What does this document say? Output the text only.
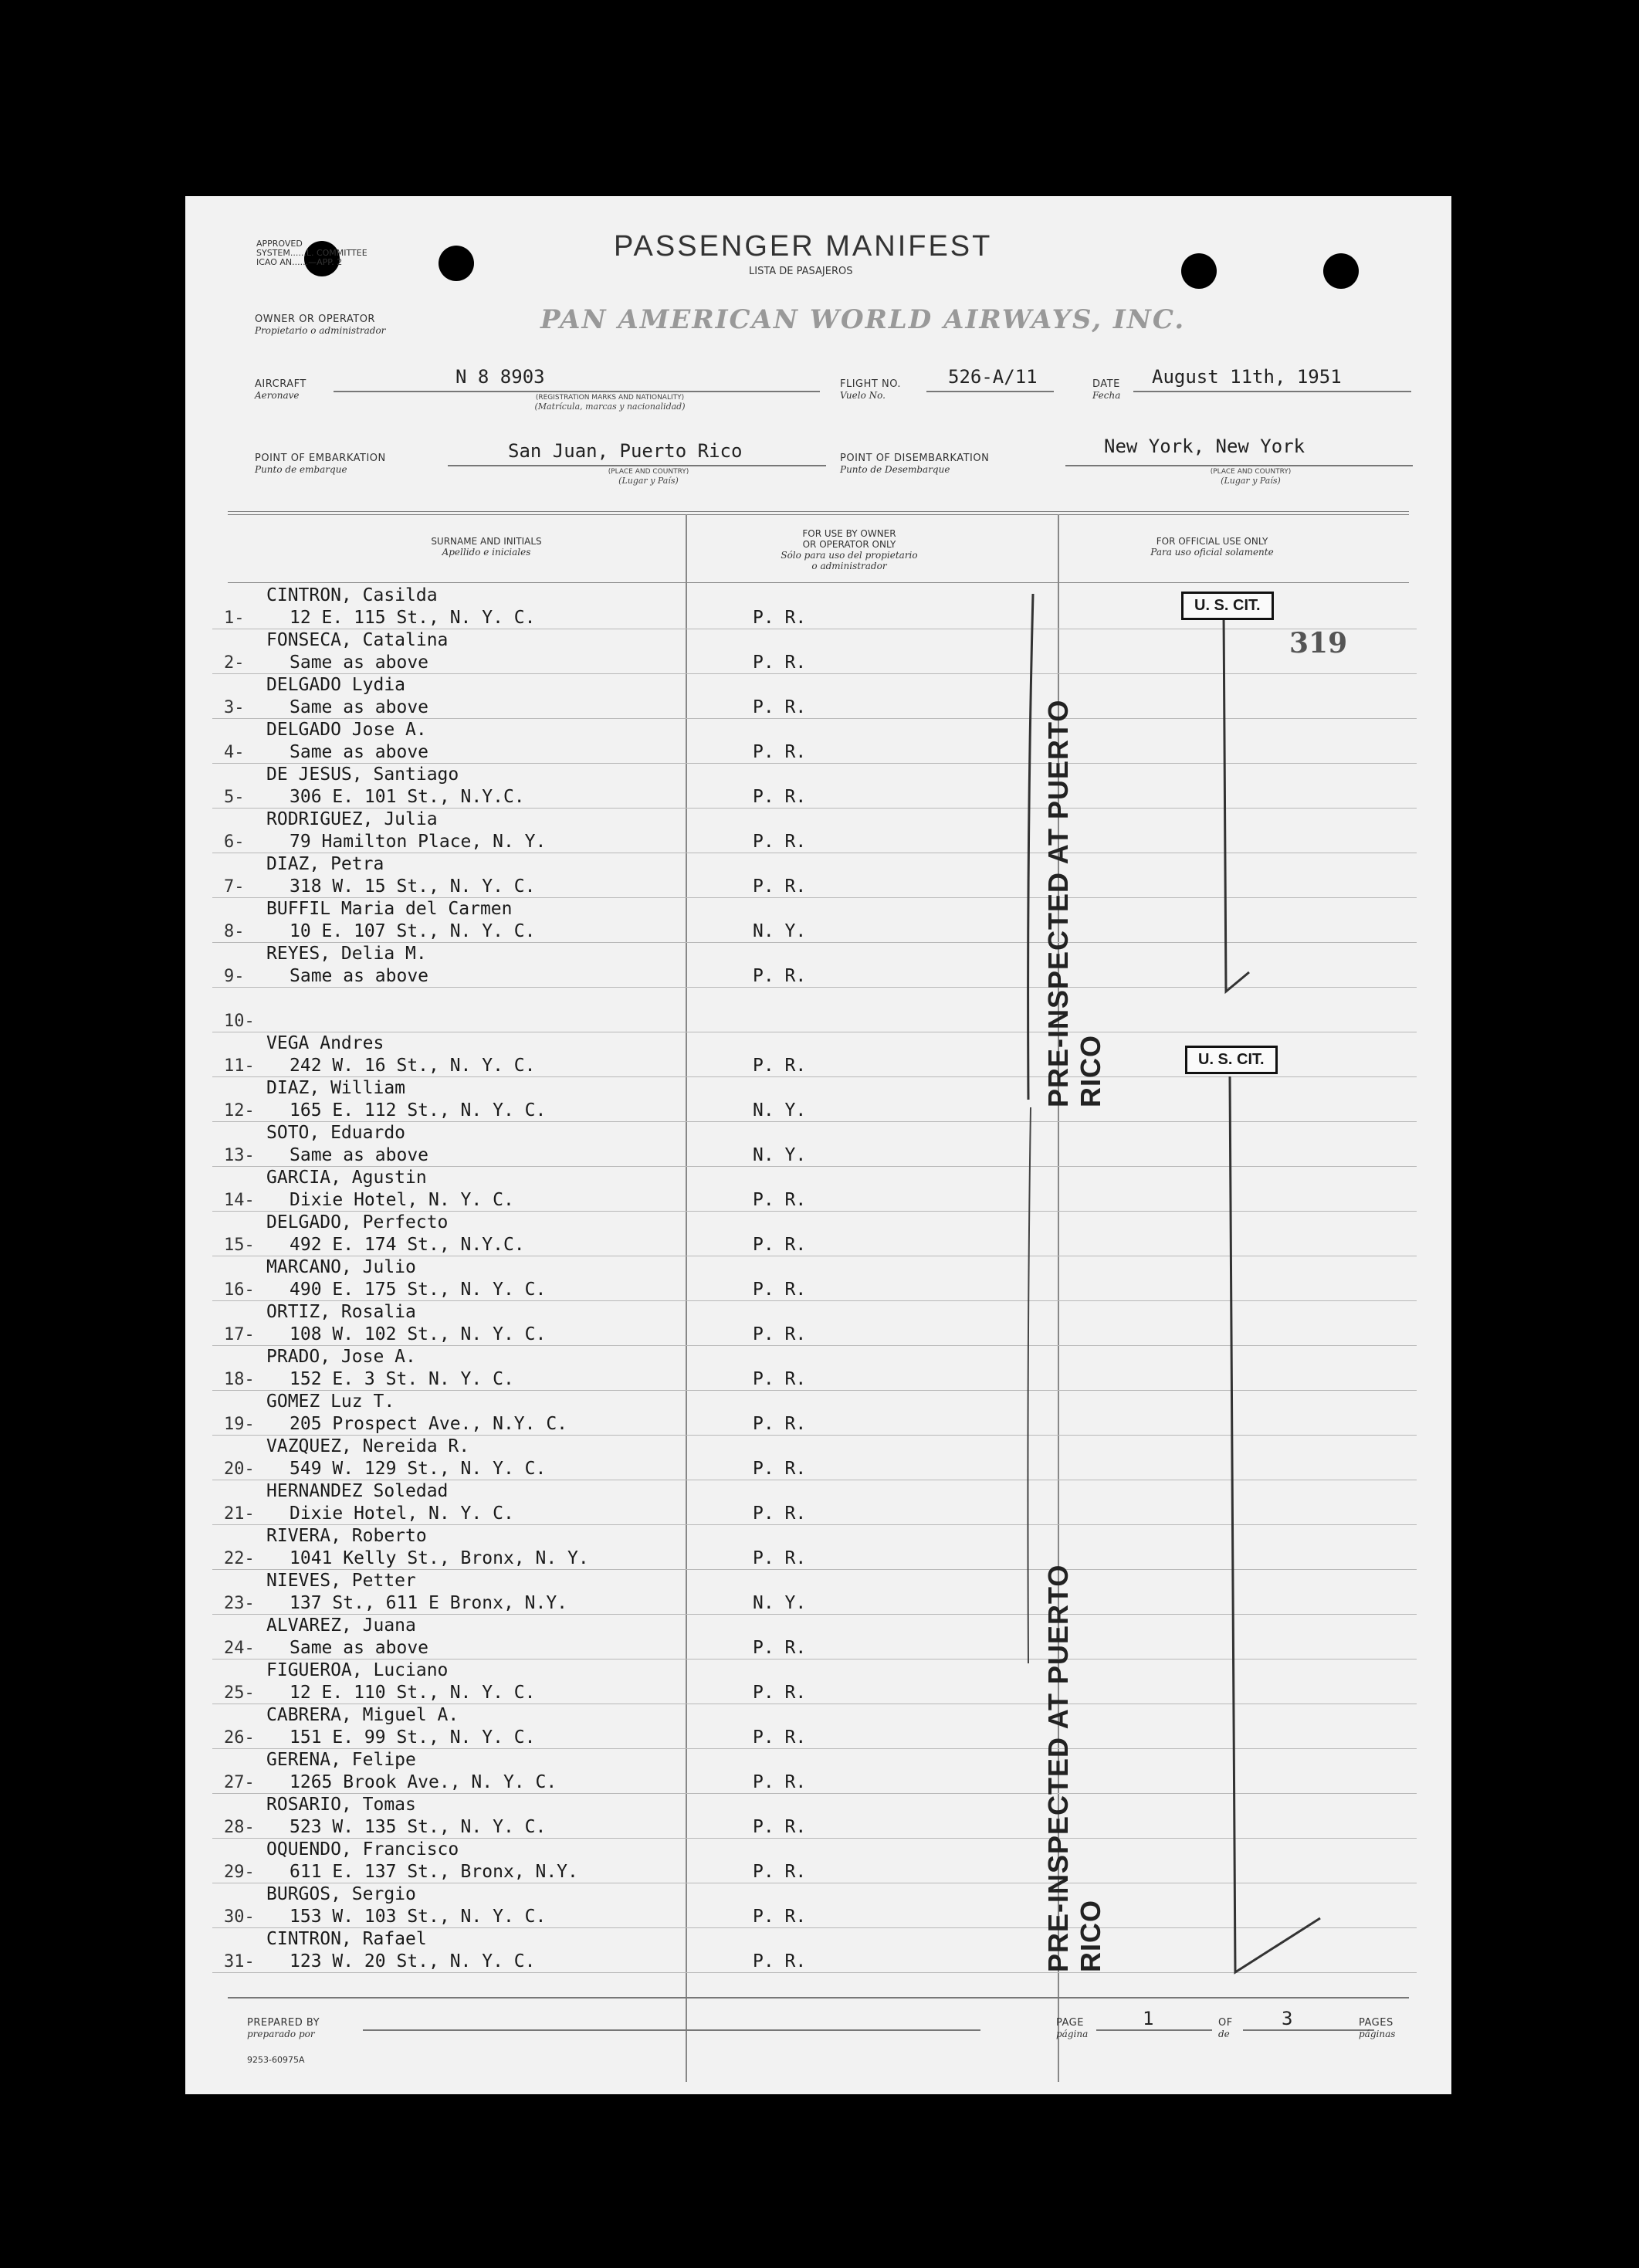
APPROVED
SYSTEM......L. COMMITTEE
ICAO AN......—APP. 2	PASSENGER MANIFEST
LISTA DE PASAJEROS
OWNER OR OPERATOR
Propietario o administrador	PAN AMERICAN WORLD AIRWAYS, INC.
AIRCRAFT
Aeronave
N 8 8903
(REGISTRATION MARKS AND NATIONALITY)
(Matrícula, marcas y nacionalidad)
FLIGHT NO.
Vuelo No.
526-A/11	DATE
Fecha
August 11th, 1951
POINT OF EMBARKATION
Punto de embarque
San Juan, Puerto Rico
(PLACE AND COUNTRY)
(Lugar y País)
POINT OF DISEMBARKATION
Punto de Desembarque
New York, New York
(PLACE AND COUNTRY)
(Lugar y País)
SURNAME AND INITIALS
Apellido e iniciales
FOR USE BY OWNER
OR OPERATOR ONLY
Sólo para uso del propietario
o administrador
FOR OFFICIAL USE ONLY
Para uso oficial solamente
1-
CINTRON, Casilda
12 E. 115 St., N. Y. C.	P. R.
2-
FONSECA, Catalina
Same as above	P. R.
3-
DELGADO Lydia
Same as above	P. R.
4-
DELGADO Jose A.
Same as above	P. R.
5-
DE JESUS, Santiago
306 E. 101 St., N.Y.C.	P. R.
6-
RODRIGUEZ, Julia
79 Hamilton Place, N. Y.	P. R.
7-
DIAZ, Petra
318 W. 15 St., N. Y. C.	P. R.
8-
BUFFIL Maria del Carmen
10 E. 107 St., N. Y. C.	N. Y.
9-
REYES, Delia M.
Same as above	P. R.
10-
11-
VEGA Andres
242 W. 16 St., N. Y. C.	P. R.
12-
DIAZ, William
165 E. 112 St., N. Y. C.	N. Y.
13-
SOTO, Eduardo
Same as above	N. Y.
14-
GARCIA, Agustin
Dixie Hotel, N. Y. C.	P. R.
15-
DELGADO, Perfecto
492 E. 174 St., N.Y.C.	P. R.
16-
MARCANO, Julio
490 E. 175 St., N. Y. C.	P. R.
17-
ORTIZ, Rosalia
108 W. 102 St., N. Y. C.	P. R.
18-
PRADO, Jose A.
152 E. 3 St. N. Y. C.	P. R.
19-
GOMEZ Luz T.
205 Prospect Ave., N.Y. C.	P. R.
20-
VAZQUEZ, Nereida R.
549 W. 129 St., N. Y. C.	P. R.
21-
HERNANDEZ Soledad
Dixie Hotel, N. Y. C.	P. R.
22-
RIVERA, Roberto
1041 Kelly St., Bronx, N. Y.	P. R.
23-
NIEVES, Petter
137 St., 611 E Bronx, N.Y.	N. Y.
24-
ALVAREZ, Juana
Same as above	P. R.
25-
FIGUEROA, Luciano
12 E. 110 St., N. Y. C.	P. R.
26-
CABRERA, Miguel A.
151 E. 99 St., N. Y. C.	P. R.
27-
GERENA, Felipe
1265 Brook Ave., N. Y. C.	P. R.
28-
ROSARIO, Tomas
523 W. 135 St., N. Y. C.	P. R.
29-
OQUENDO, Francisco
611 E. 137 St., Bronx, N.Y.	P. R.
30-
BURGOS, Sergio
153 W. 103 St., N. Y. C.	P. R.
31-
CINTRON, Rafael
123 W. 20 St., N. Y. C.	P. R.
PRE-INSPECTED AT PUERTO RICO
PRE-INSPECTED AT PUERTO RICO
U. S. CIT.
U. S. CIT.
319
PREPARED BY
preparado por
PAGE
página
1	OF
de
3	PAGES
páginas
9253-60975A
